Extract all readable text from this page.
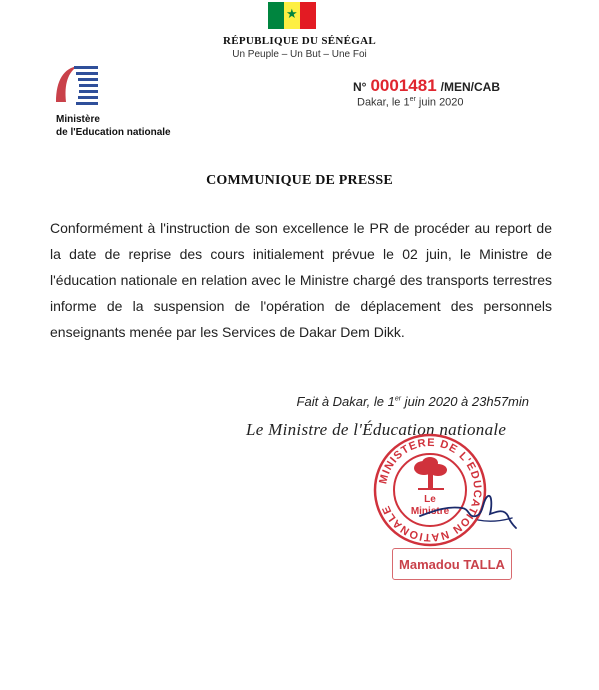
★
RÉPUBLIQUE DU SÉNÉGAL
Un Peuple – Un But – Une Foi
Ministère
de l'Education nationale
N° 0001481 /MEN/CAB
Dakar, le 1er juin 2020
COMMUNIQUE DE PRESSE
Conformément à l'instruction de son excellence le PR de procéder au report de la date de reprise des cours initialement prévue le 02 juin, le Ministre de l'éducation nationale en relation avec le Ministre chargé des transports terrestres informe de la suspension de l'opération de déplacement des personnels enseignants menée par les Services de Dakar Dem Dikk.
Fait à Dakar, le 1er juin 2020 à 23h57min
Le Ministre de l'Éducation nationale
MINISTERE DE L'EDUCATION NATIONALE
Le
Ministre
Mamadou TALLA
